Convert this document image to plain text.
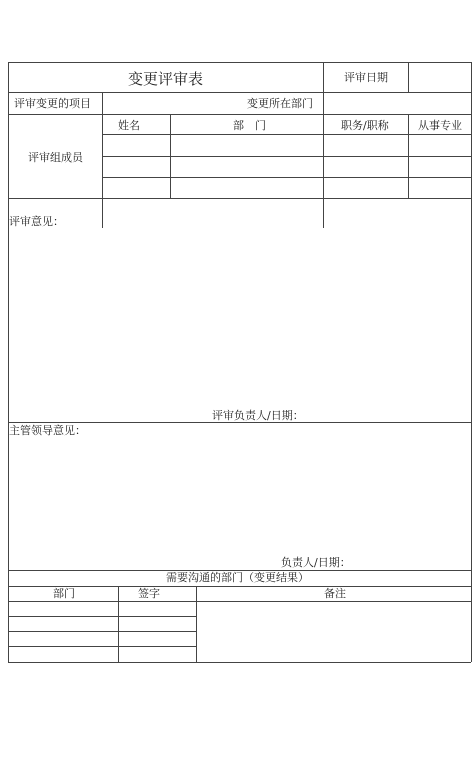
变更评审表	评审日期
评审变更的项目	变更所在部门
评审组成员
姓名	部　门	职务/职称	从事专业
评审意见：
评审负责人/日期：
主管领导意见：
负责人/日期：
需要沟通的部门（变更结果）
部门	签字	备注
